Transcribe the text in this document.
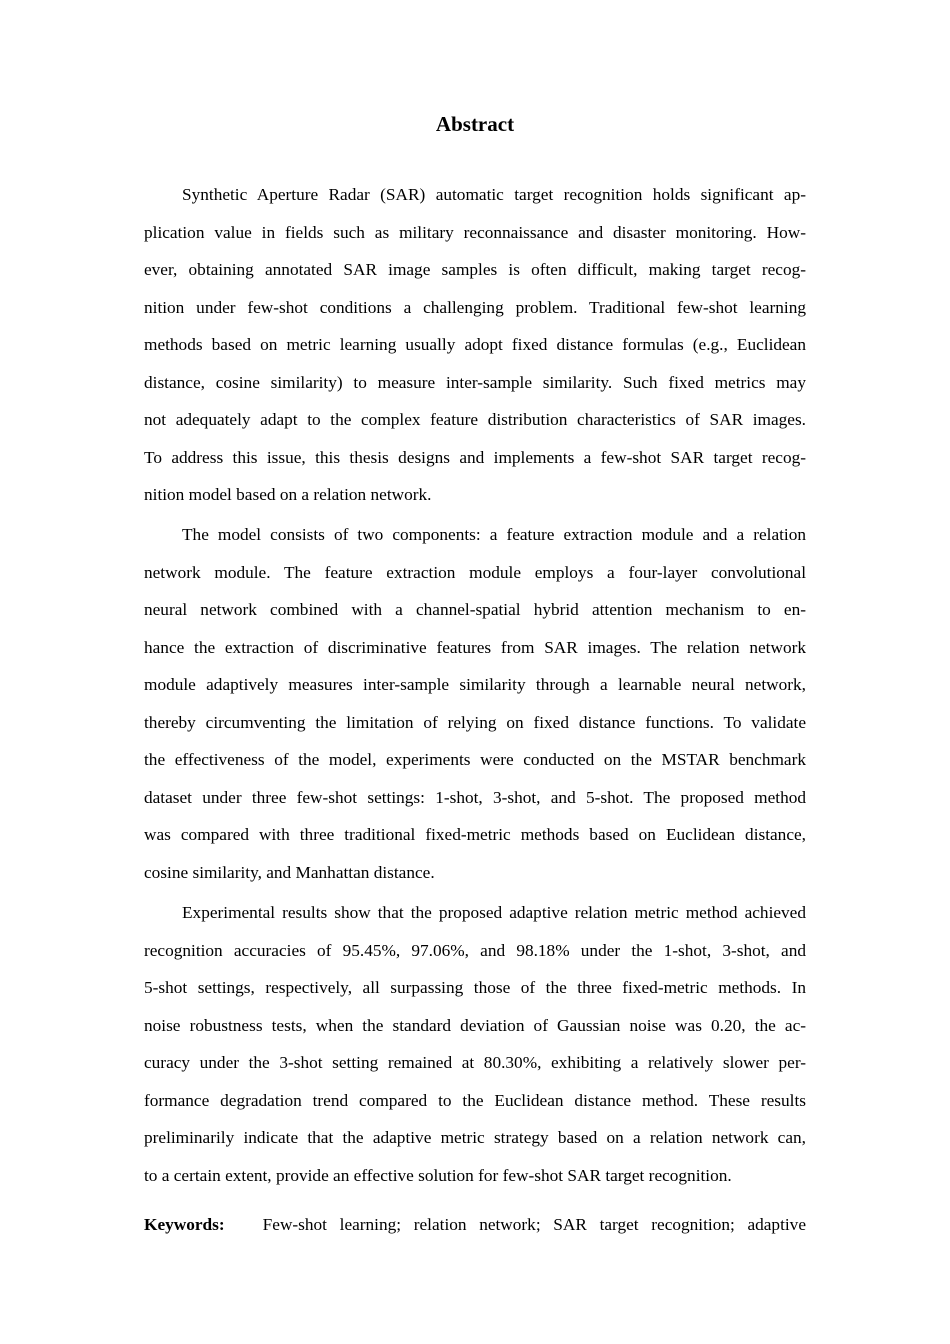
Abstract
Synthetic Aperture Radar (SAR) automatic target recognition holds significant ap-
plication value in fields such as military reconnaissance and disaster monitoring. How-
ever, obtaining annotated SAR image samples is often difficult, making target recog-
nition under few-shot conditions a challenging problem. Traditional few-shot learning
methods based on metric learning usually adopt fixed distance formulas (e.g., Euclidean
distance, cosine similarity) to measure inter-sample similarity. Such fixed metrics may
not adequately adapt to the complex feature distribution characteristics of SAR images.
To address this issue, this thesis designs and implements a few-shot SAR target recog-
nition model based on a relation network.
The model consists of two components: a feature extraction module and a relation
network module. The feature extraction module employs a four-layer convolutional
neural network combined with a channel-spatial hybrid attention mechanism to en-
hance the extraction of discriminative features from SAR images. The relation network
module adaptively measures inter-sample similarity through a learnable neural network,
thereby circumventing the limitation of relying on fixed distance functions. To validate
the effectiveness of the model, experiments were conducted on the MSTAR benchmark
dataset under three few-shot settings: 1-shot, 3-shot, and 5-shot. The proposed method
was compared with three traditional fixed-metric methods based on Euclidean distance,
cosine similarity, and Manhattan distance.
Experimental results show that the proposed adaptive relation metric method achieved
recognition accuracies of 95.45%, 97.06%, and 98.18% under the 1-shot, 3-shot, and
5-shot settings, respectively, all surpassing those of the three fixed-metric methods. In
noise robustness tests, when the standard deviation of Gaussian noise was 0.20, the ac-
curacy under the 3-shot setting remained at 80.30%, exhibiting a relatively slower per-
formance degradation trend compared to the Euclidean distance method. These results
preliminarily indicate that the adaptive metric strategy based on a relation network can,
to a certain extent, provide an effective solution for few-shot SAR target recognition.

Keywords: Few-shot learning; relation network; SAR target recognition; adaptive
